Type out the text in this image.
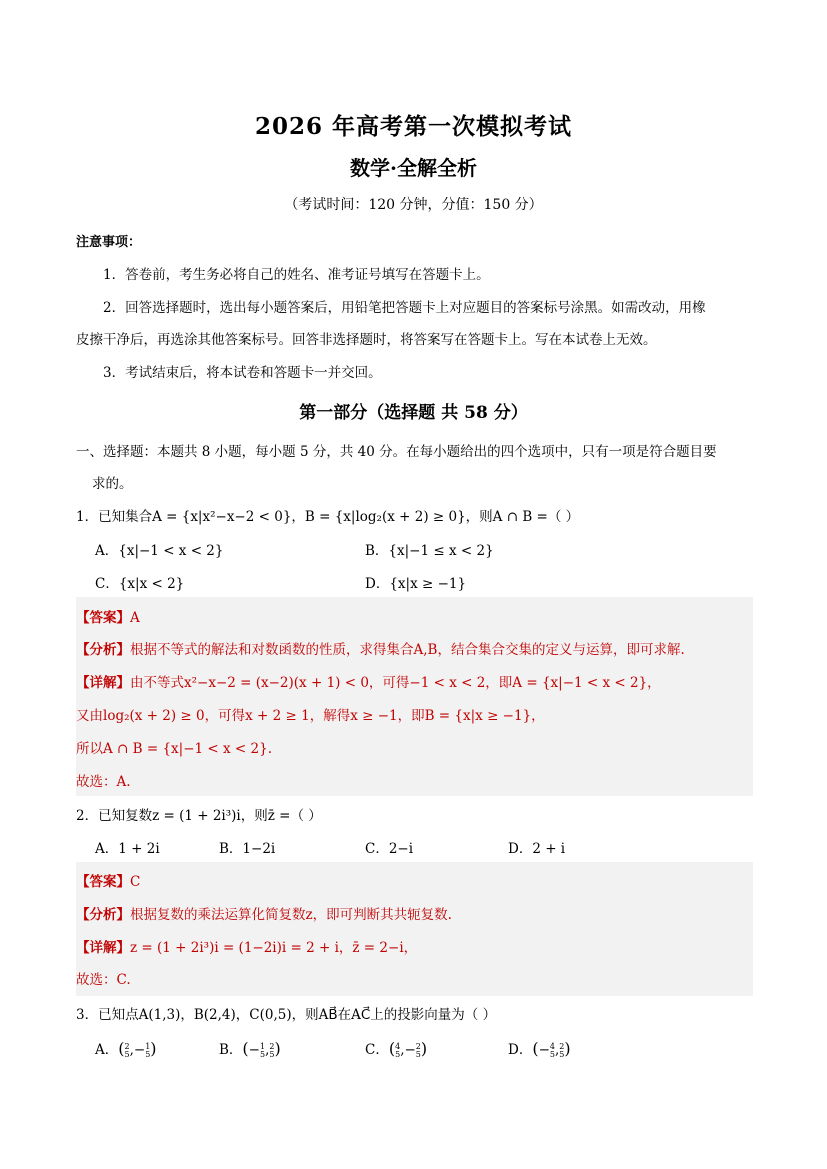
2026 年高考第一次模拟考试
数学·全解全析
（考试时间：120 分钟，分值：150 分）
注意事项：
1．答卷前，考生务必将自己的姓名、准考证号填写在答题卡上。
2．回答选择题时，选出每小题答案后，用铅笔把答题卡上对应题目的答案标号涂黑。如需改动，用橡
皮擦干净后，再选涂其他答案标号。回答非选择题时，将答案写在答题卡上。写在本试卷上无效。
3．考试结束后，将本试卷和答题卡一并交回。
第一部分（选择题 共 58 分）
一、选择题：本题共 8 小题，每小题 5 分，共 40 分。在每小题给出的四个选项中，只有一项是符合题目要
求的。
1．已知集合A = {x|x²−x−2 < 0}，B = {x|log₂(x + 2) ≥ 0}，则A ∩ B =（ ）
A．{x|−1 < x < 2}	B．{x|−1 ≤ x < 2}
C．{x|x < 2}	D．{x|x ≥ −1}
【答案】A
【分析】根据不等式的解法和对数函数的性质，求得集合A,B，结合集合交集的定义与运算，即可求解.
【详解】由不等式x²−x−2 = (x−2)(x + 1) < 0，可得−1 < x < 2，即A = {x|−1 < x < 2}，
又由log₂(x + 2) ≥ 0，可得x + 2 ≥ 1，解得x ≥ −1，即B = {x|x ≥ −1}，
所以A ∩ B = {x|−1 < x < 2}.
故选：A.
2．已知复数z = (1 + 2i³)i，则z̄ =（ ）
A．1 + 2i	B．1−2i	C．2−i	D．2 + i
【答案】C
【分析】根据复数的乘法运算化简复数z，即可判断其共轭复数.
【详解】z = (1 + 2i³)i = (1−2i)i = 2 + i，z̄ = 2−i，
故选：C.
3．已知点A(1,3)，B(2,4)，C(0,5)，则AB⃗在AC⃗上的投影向量为（ ）
A．(2
5,−1
5)	B．(−1
5,2
5)	C．(4
5,−2
5)	D．(−4
5,2
5)
